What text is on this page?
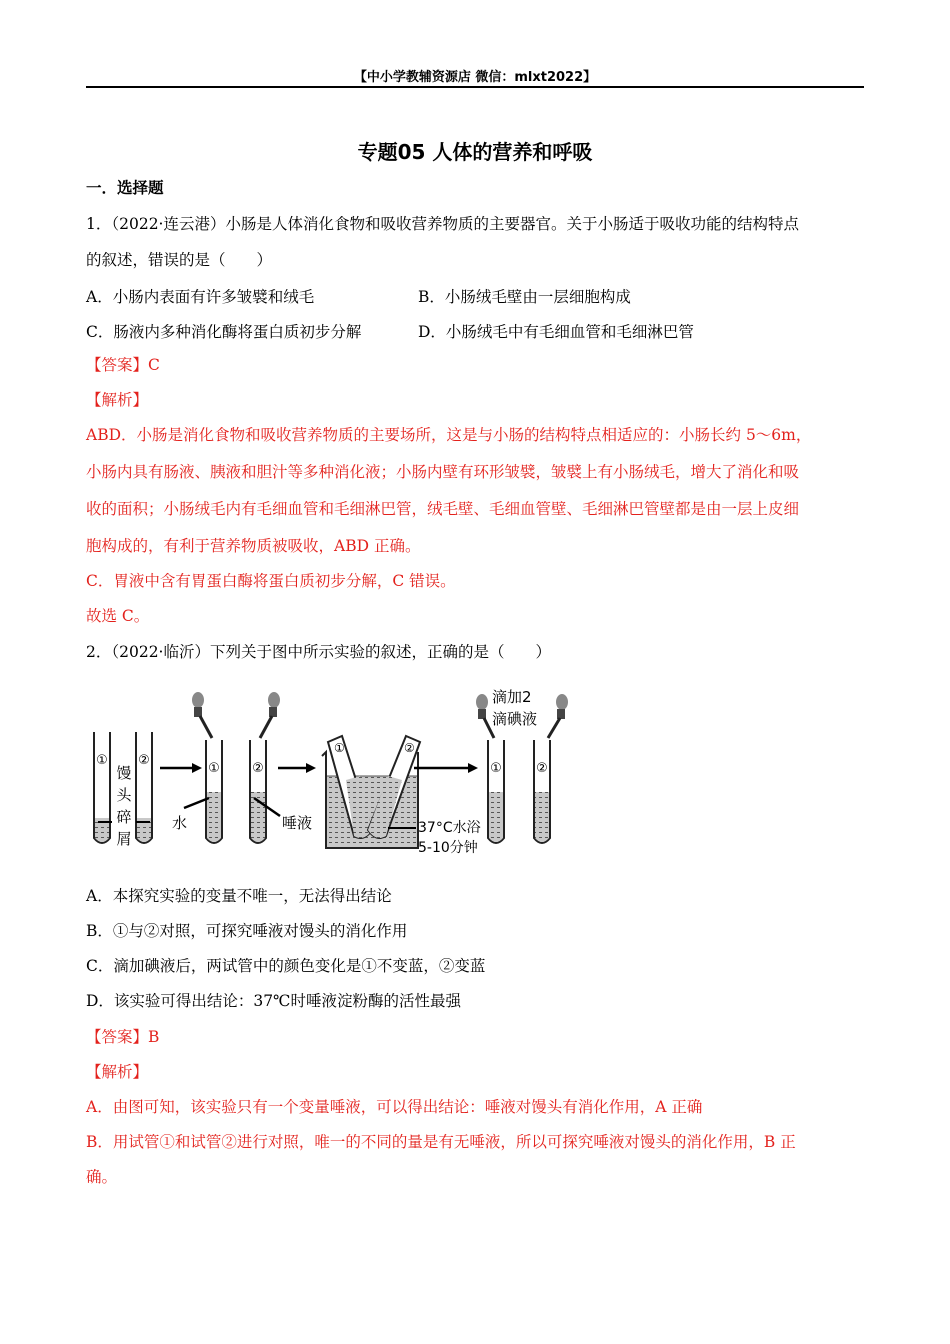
【中小学教辅资源店 微信：mlxt2022】
专题05 人体的营养和呼吸
一．选择题
1．（2022·连云港）小肠是人体消化食物和吸收营养物质的主要器官。关于小肠适于吸收功能的结构特点
的叙述，错误的是（　　）
A．小肠内表面有许多皱襞和绒毛	B．小肠绒毛壁由一层细胞构成
C．肠液内多种消化酶将蛋白质初步分解	D．小肠绒毛中有毛细血管和毛细淋巴管
【答案】C
【解析】
ABD．小肠是消化食物和吸收营养物质的主要场所，这是与小肠的结构特点相适应的：小肠长约 5～6m，
小肠内具有肠液、胰液和胆汁等多种消化液；小肠内壁有环形皱襞，皱襞上有小肠绒毛，增大了消化和吸
收的面积；小肠绒毛内有毛细血管和毛细淋巴管，绒毛壁、毛细血管壁、毛细淋巴管壁都是由一层上皮细
胞构成的，有利于营养物质被吸收，ABD 正确。
C．胃液中含有胃蛋白酶将蛋白质初步分解，C 错误。
故选 C。
2．（2022·临沂）下列关于图中所示实验的叙述，正确的是（　　）
① ②
馒
头
碎
屑
① ②
水	唾液
①	②
37°C水浴
5-10分钟
滴加2
滴碘液
①	②
A．本探究实验的变量不唯一，无法得出结论
B．①与②对照，可探究唾液对馒头的消化作用
C．滴加碘液后，两试管中的颜色变化是①不变蓝，②变蓝
D．该实验可得出结论：37℃时唾液淀粉酶的活性最强
【答案】B
【解析】
A．由图可知，该实验只有一个变量唾液，可以得出结论：唾液对馒头有消化作用，A 正确
B．用试管①和试管②进行对照，唯一的不同的量是有无唾液，所以可探究唾液对馒头的消化作用，B 正
确。
